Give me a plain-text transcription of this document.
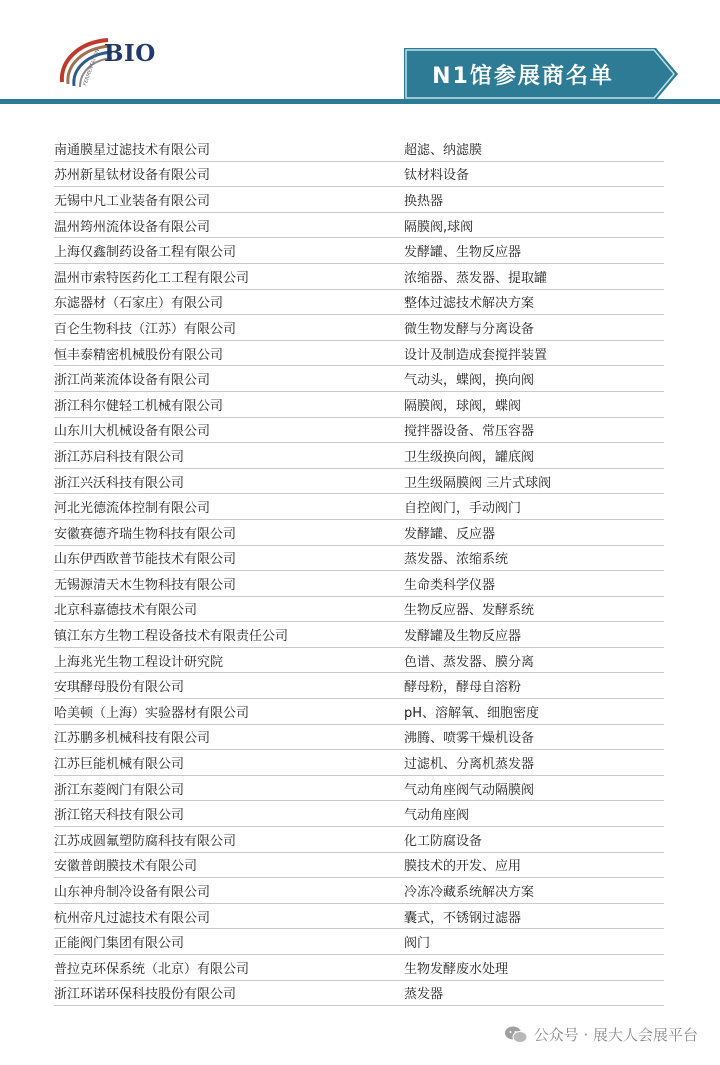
FERMENTATION BIO
N1馆参展商名单
南通膜星过滤技术有限公司	超滤、纳滤膜
苏州新星钛材设备有限公司	钛材料设备
无锡中凡工业装备有限公司	换热器
温州筠州流体设备有限公司	隔膜阀,球阀
上海仅鑫制药设备工程有限公司	发酵罐、生物反应器
温州市索特医药化工工程有限公司	浓缩器、蒸发器、提取罐
东滤器材（石家庄）有限公司	整体过滤技术解决方案
百仑生物科技（江苏）有限公司	微生物发酵与分离设备
恒丰泰精密机械股份有限公司	设计及制造成套搅拌装置
浙江尚莱流体设备有限公司	气动头，蝶阀，换向阀
浙江科尔健轻工机械有限公司	隔膜阀，球阀，蝶阀
山东川大机械设备有限公司	搅拌器设备、常压容器
浙江苏启科技有限公司	卫生级换向阀，罐底阀
浙江兴沃科技有限公司	卫生级隔膜阀 三片式球阀
河北光德流体控制有限公司	自控阀门，手动阀门
安徽赛德齐瑞生物科技有限公司	发酵罐、反应器
山东伊西欧普节能技术有限公司	蒸发器、浓缩系统
无锡源清天木生物科技有限公司	生命类科学仪器
北京科嘉德技术有限公司	生物反应器、发酵系统
镇江东方生物工程设备技术有限责任公司	发酵罐及生物反应器
上海兆光生物工程设计研究院	色谱、蒸发器、膜分离
安琪酵母股份有限公司	酵母粉，酵母自溶粉
哈美顿（上海）实验器材有限公司	pH、溶解氧、细胞密度
江苏鹏多机械科技有限公司	沸腾、喷雾干燥机设备
江苏巨能机械有限公司	过滤机、分离机蒸发器
浙江东菱阀门有限公司	气动角座阀气动隔膜阀
浙江铭天科技有限公司	气动角座阀
江苏成圆氟塑防腐科技有限公司	化工防腐设备
安徽普朗膜技术有限公司	膜技术的开发、应用
山东神舟制冷设备有限公司	冷冻冷藏系统解决方案
杭州帝凡过滤技术有限公司	囊式，不锈钢过滤器
正能阀门集团有限公司	阀门
普拉克环保系统（北京）有限公司	生物发酵废水处理
浙江环诺环保科技股份有限公司	蒸发器
公众号 · 展大人会展平台
